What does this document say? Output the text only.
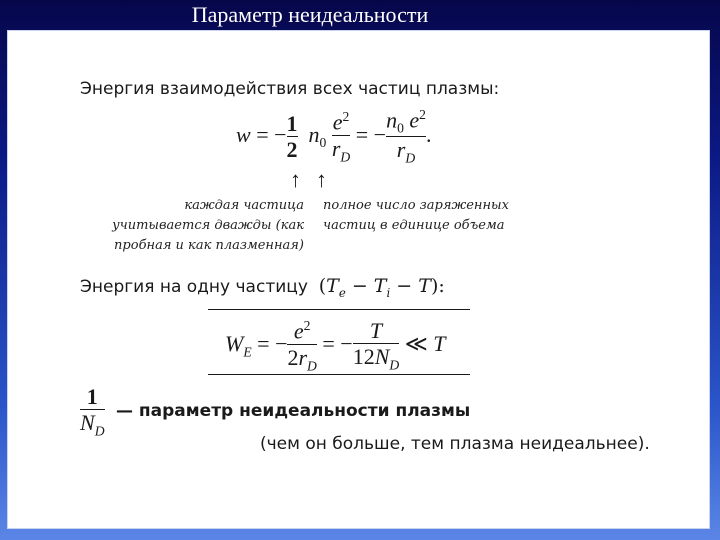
Параметр неидеальности
Энергия взаимодействия всех частиц плазмы:
w = − $\frac{1}{2} n_0 \frac{e^2}{r_D}$ = − $\frac{n_0 e^2}{r_D}$ .
↑ ↑
каждая частица учитывается дважды (как пробная и как плазменная)
полное число заряженных частиц в единице объема
Энергия на одну частицу $(T_e - T_i - T)$:
$W_E$ = − $\frac{e^2}{2r_D}$ = − $\frac{T}{12N_D}$ ≪ T
$\frac{1}{N_D}$ — параметр неидеальности плазмы
(чем он больше, тем плазма неидеальнее).
